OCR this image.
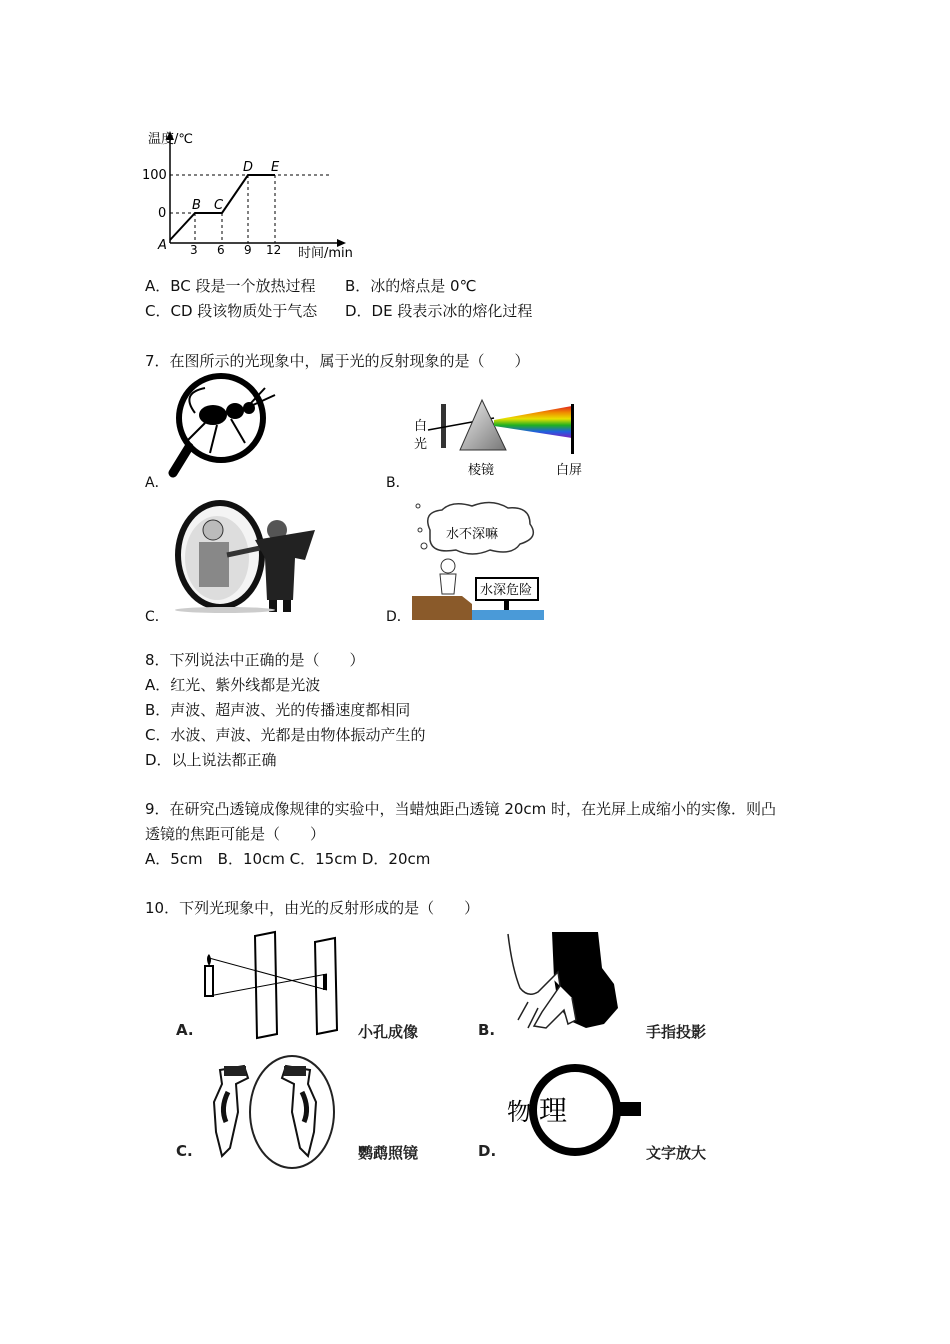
温度/℃
时间/min
100
0
3 6 9 12
A
B C
D E
A．BC 段是一个放热过程 B．冰的熔点是 0℃
C．CD 段该物质处于气态 D．DE 段表示冰的熔化过程
7．在图所示的光现象中，属于光的反射现象的是（　　）
A．	B．
白
光
棱镜	白屏
C．	D．
水不深嘛
水深危险
8．下列说法中正确的是（　　）
A．红光、紫外线都是光波
B．声波、超声波、光的传播速度都相同
C．水波、声波、光都是由物体振动产生的
D．以上说法都正确
9．在研究凸透镜成像规律的实验中，当蜡烛距凸透镜 20cm 时，在光屏上成缩小的实像．则凸
透镜的焦距可能是（　　）
A．5cm　B．10cm C．15cm D．20cm
10．下列光现象中，由光的反射形成的是（　　）
A.	小孔成像	B.	手指投影
C.	鹦鹉照镜	D.
物 理
文字放大
